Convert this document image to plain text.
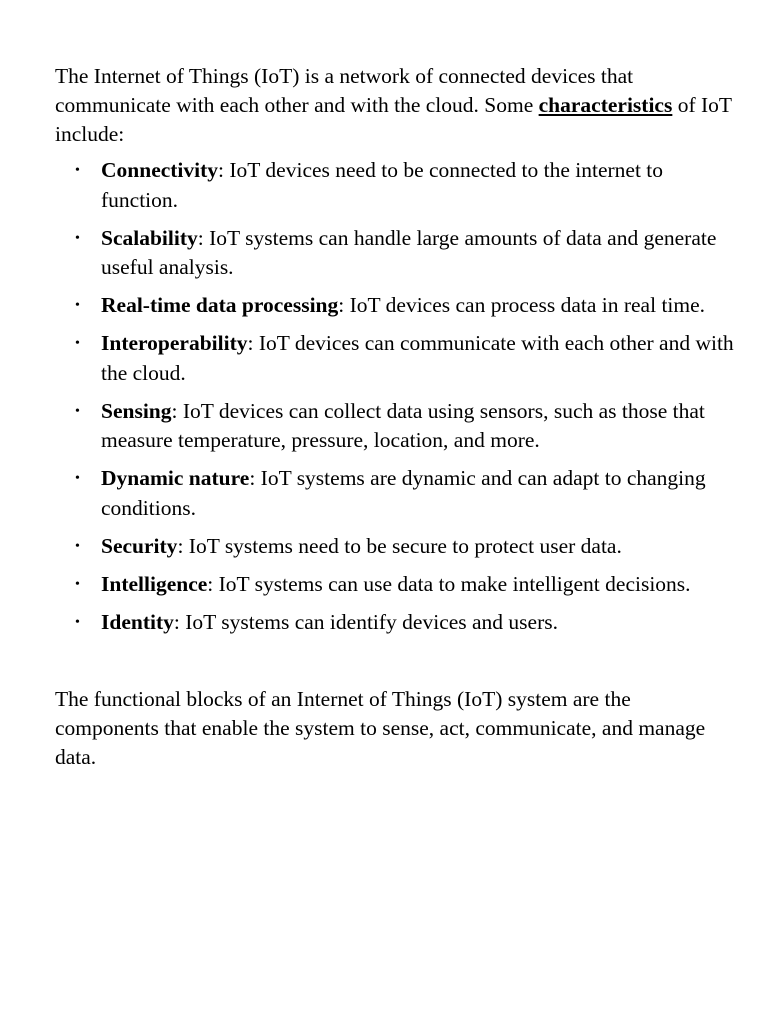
The Internet of Things (IoT) is a network of connected devices that communicate with each other and with the cloud. Some characteristics of IoT include:

• Connectivity: IoT devices need to be connected to the internet to function.
• Scalability: IoT systems can handle large amounts of data and generate useful analysis.
• Real-time data processing: IoT devices can process data in real time.
• Interoperability: IoT devices can communicate with each other and with the cloud.
• Sensing: IoT devices can collect data using sensors, such as those that measure temperature, pressure, location, and more.
• Dynamic nature: IoT systems are dynamic and can adapt to changing conditions.
• Security: IoT systems need to be secure to protect user data.
• Intelligence: IoT systems can use data to make intelligent decisions.
• Identity: IoT systems can identify devices and users.

The functional blocks of an Internet of Things (IoT) system are the components that enable the system to sense, act, communicate, and manage data.
